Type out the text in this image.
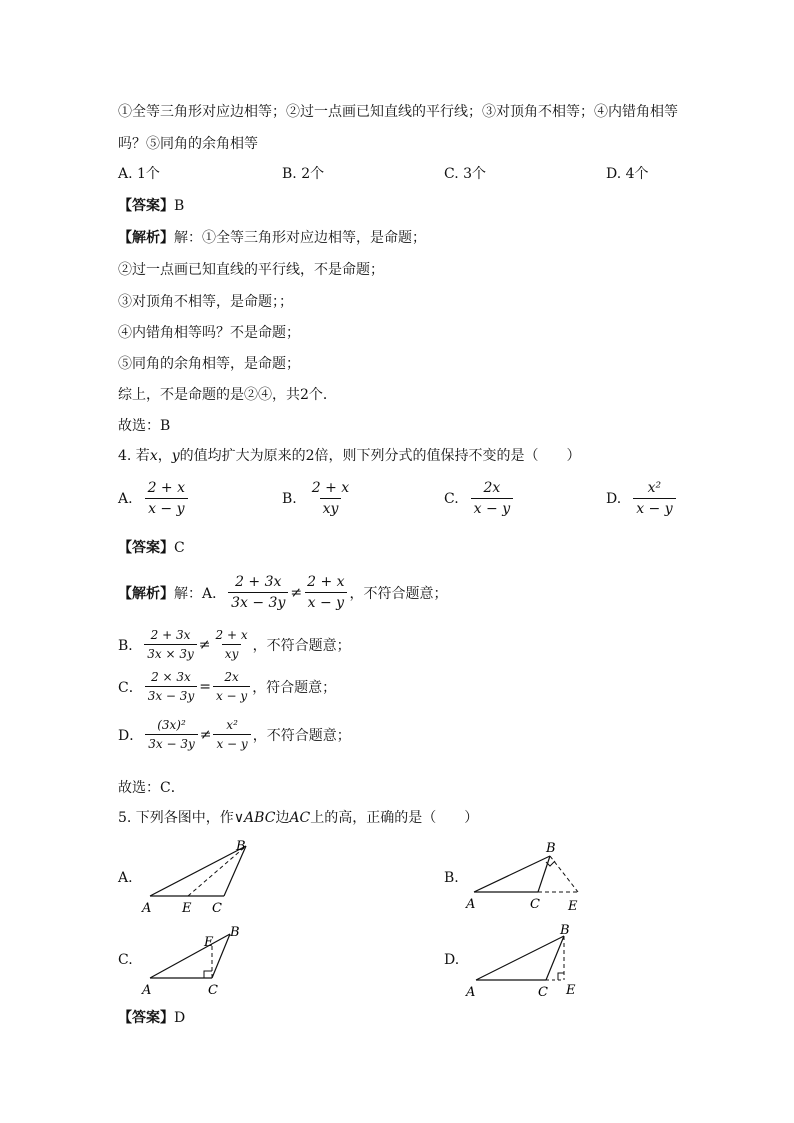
①全等三角形对应边相等；②过一点画已知直线的平行线；③对顶角不相等；④内错角相等
吗？⑤同角的余角相等
A. 1个	B. 2个	C. 3个	D. 4个
【答案】B
【解析】解：①全等三角形对应边相等，是命题；
②过一点画已知直线的平行线，不是命题；
③对顶角不相等，是命题；；
④内错角相等吗？不是命题；
⑤同角的余角相等，是命题；
综上，不是命题的是②④，共2个．
故选：B
4. 若x，y的值均扩大为原来的2倍，则下列分式的值保持不变的是（　　）
A. $\frac{2 + x}{x - y}$	B. $\frac{2 + x}{xy}$	C. $\frac{2x}{x - y}$	D. $\frac{\text{x²}}{x - y}$
【答案】C
【解析】 解：A． $\frac{2 + 3x}{3x - 3y} \ne \frac{2 + x}{x - y}$ ，不符合题意；
B． $\frac{2 + 3x}{3x \times 3y} \ne \frac{2 + x}{xy}$ ，不符合题意；
C． $\frac{2 \times 3x}{3x - 3y} = \frac{2x}{x - y}$ ，符合题意；
D． $\frac{\text{(3x)²}}{3x - 3y} \ne \frac{\text{x²}}{x - y}$ ，不符合题意；
故选：C．
5. 下列各图中，作∨ABC边AC上的高，正确的是（　　）
A.
A E C
B
B.
A	C E
B
C.
A	C
E
B
D.
A	C E
B
【答案】D
